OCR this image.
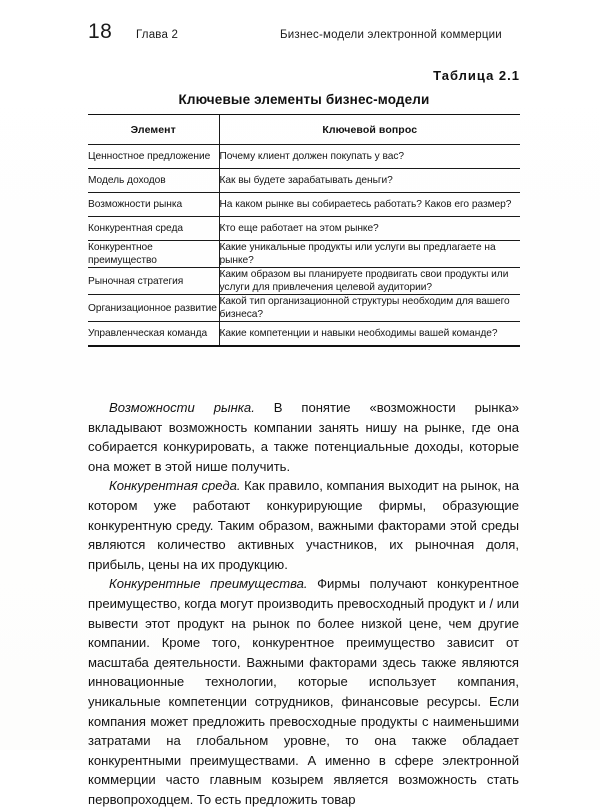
18	Глава 2	Бизнес-модели электронной коммерции
Таблица 2.1
Ключевые элементы бизнес-модели
Элемент	Ключевой вопрос
Ценностное предложение	Почему клиент должен покупать у вас?
Модель доходов	Как вы будете зарабатывать деньги?
Возможности рынка	На каком рынке вы собираетесь работать? Каков его размер?
Конкурентная среда	Кто еще работает на этом рынке?
Конкурентное преимущество	Какие уникальные продукты или услуги вы предлагаете на рынке?
Рыночная стратегия	Каким образом вы планируете продвигать свои продукты или услуги для привлечения целевой аудитории?
Организационное развитие	Какой тип организационной структуры необходим для вашего бизнеса?
Управленческая команда	Какие компетенции и навыки необходимы вашей команде?

Возможности рынка. В понятие «возможности рынка» вкладывают возможность компании занять нишу на рынке, где она собирается конкурировать, а также потенциальные доходы, которые она может в этой нише получить.

Конкурентная среда. Как правило, компания выходит на рынок, на котором уже работают конкурирующие фирмы, образующие конкурентную среду. Таким образом, важными факторами этой среды являются количество активных участников, их рыночная доля, прибыль, цены на их продукцию.

Конкурентные преимущества. Фирмы получают конкурентное преимущество, когда могут производить превосходный продукт и / или вывести этот продукт на рынок по более низкой цене, чем другие компании. Кроме того, конкурентное преимущество зависит от масштаба деятельности. Важными факторами здесь также являются инновационные технологии, которые использует компания, уникальные компетенции сотрудников, финансовые ресурсы. Если компания может предложить превосходные продукты с наименьшими затратами на глобальном уровне, то она также обладает конкурентными преимуществами. А именно в сфере электронной коммерции часто главным козырем является возможность стать первопроходцем. То есть предложить товар
